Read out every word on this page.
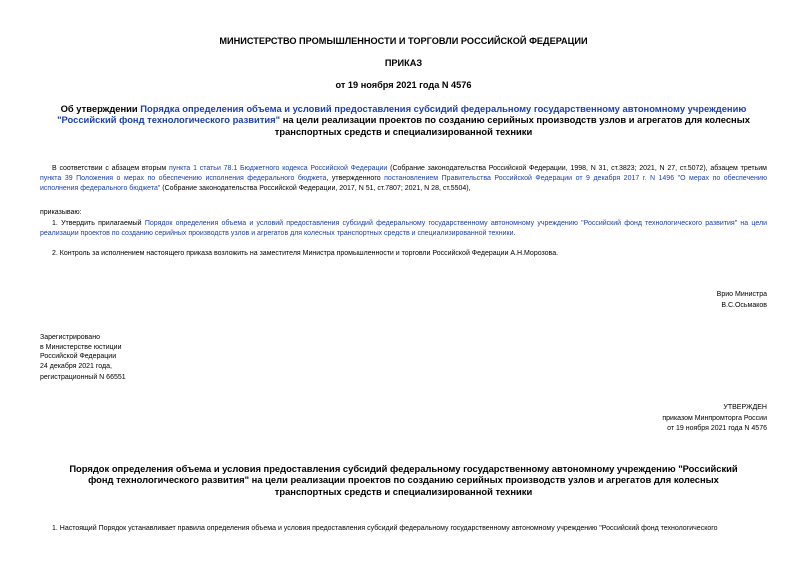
МИНИСТЕРСТВО ПРОМЫШЛЕННОСТИ И ТОРГОВЛИ РОССИЙСКОЙ ФЕДЕРАЦИИ
ПРИКАЗ
от 19 ноября 2021 года N 4576
Об утверждении Порядка определения объема и условий предоставления субсидий федеральному государственному автономному учреждению "Российский фонд технологического развития" на цели реализации проектов по созданию серийных производств узлов и агрегатов для колесных транспортных средств и специализированной техники
В соответствии с абзацем вторым пункта 1 статьи 78.1 Бюджетного кодекса Российской Федерации (Собрание законодательства Российской Федерации, 1998, N 31, ст.3823; 2021, N 27, ст.5072), абзацем третьим пункта 39 Положения о мерах по обеспечению исполнения федерального бюджета, утвержденного постановлением Правительства Российской Федерации от 9 декабря 2017 г. N 1496 "О мерах по обеспечению исполнения федерального бюджета" (Собрание законодательства Российской Федерации, 2017, N 51, ст.7807; 2021, N 28, ст.5504),
приказываю:
1. Утвердить прилагаемый Порядок определения объема и условий предоставления субсидий федеральному государственному автономному учреждению "Российский фонд технологического развития" на цели реализации проектов по созданию серийных производств узлов и агрегатов для колесных транспортных средств и специализированной техники.
2. Контроль за исполнением настоящего приказа возложить на заместителя Министра промышленности и торговли Российской Федерации А.Н.Морозова.
Врио Министра
В.С.Осьмаков
Зарегистрировано
в Министерстве юстиции
Российской Федерации
24 декабря 2021 года,
регистрационный N 66551
УТВЕРЖДЕН
приказом Минпромторга России
от 19 ноября 2021 года N 4576
Порядок определения объема и условия предоставления субсидий федеральному государственному автономному учреждению "Российский фонд технологического развития" на цели реализации проектов по созданию серийных производств узлов и агрегатов для колесных транспортных средств и специализированной техники
1. Настоящий Порядок устанавливает правила определения объема и условия предоставления субсидий федеральному государственному автономному учреждению "Российский фонд технологического
